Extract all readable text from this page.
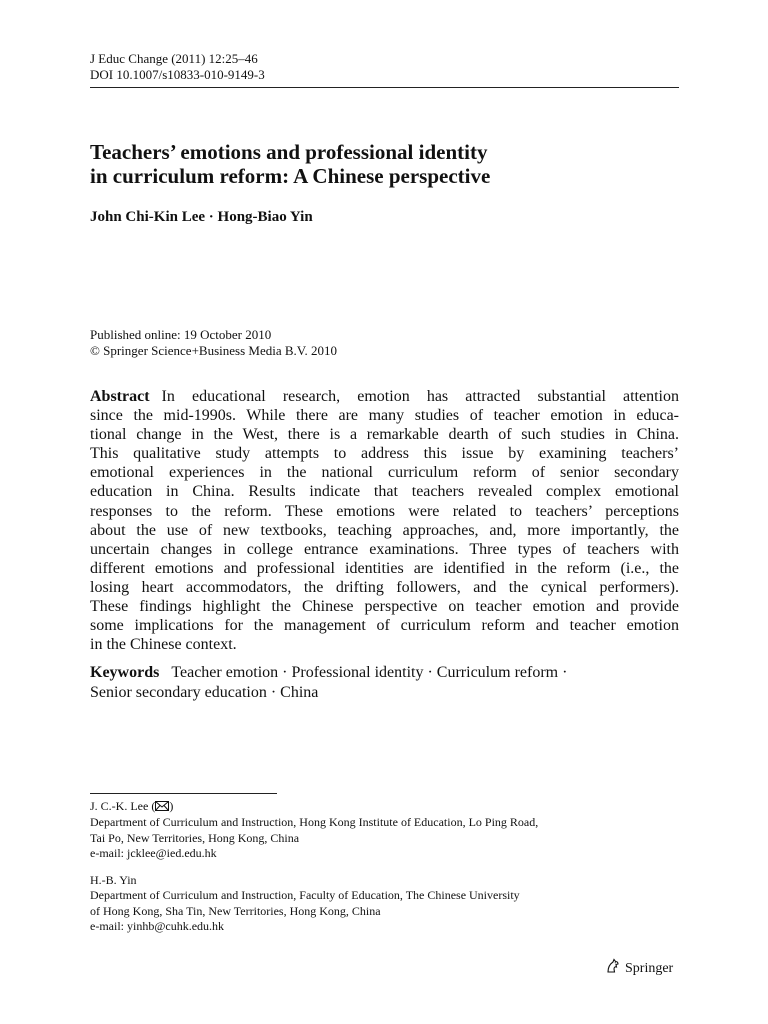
J Educ Change (2011) 12:25–46
DOI 10.1007/s10833-010-9149-3
Teachers’ emotions and professional identity
in curriculum reform: A Chinese perspective
John Chi-Kin Lee · Hong-Biao Yin
Published online: 19 October 2010
© Springer Science+Business Media B.V. 2010
Abstract In educational research, emotion has attracted substantial attention
since the mid-1990s. While there are many studies of teacher emotion in educa-
tional change in the West, there is a remarkable dearth of such studies in China.
This qualitative study attempts to address this issue by examining teachers’
emotional experiences in the national curriculum reform of senior secondary
education in China. Results indicate that teachers revealed complex emotional
responses to the reform. These emotions were related to teachers’ perceptions
about the use of new textbooks, teaching approaches, and, more importantly, the
uncertain changes in college entrance examinations. Three types of teachers with
different emotions and professional identities are identified in the reform (i.e., the
losing heart accommodators, the drifting followers, and the cynical performers).
These findings highlight the Chinese perspective on teacher emotion and provide
some implications for the management of curriculum reform and teacher emotion
in the Chinese context.
Keywords Teacher emotion · Professional identity · Curriculum reform ·
Senior secondary education · China
J. C.-K. Lee ( )
Department of Curriculum and Instruction, Hong Kong Institute of Education, Lo Ping Road,
Tai Po, New Territories, Hong Kong, China
e-mail: jcklee@ied.edu.hk
H.-B. Yin
Department of Curriculum and Instruction, Faculty of Education, The Chinese University
of Hong Kong, Sha Tin, New Territories, Hong Kong, China
e-mail: yinhb@cuhk.edu.hk
Springer
